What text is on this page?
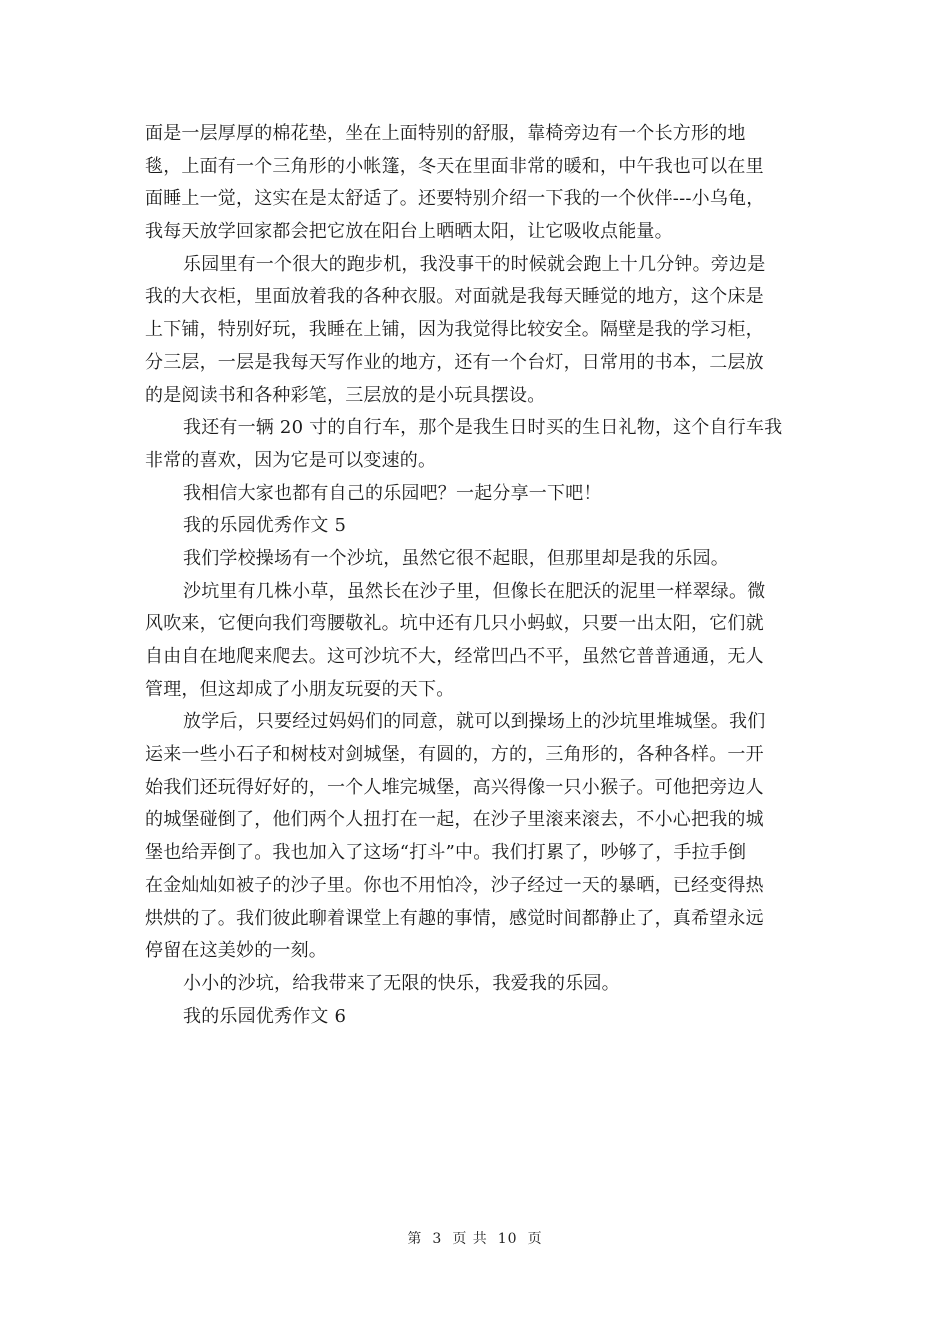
面是一层厚厚的棉花垫，坐在上面特别的舒服，靠椅旁边有一个长方形的地
毯，上面有一个三角形的小帐篷，冬天在里面非常的暖和，中午我也可以在里
面睡上一觉，这实在是太舒适了。还要特别介绍一下我的一个伙伴---小乌龟，
我每天放学回家都会把它放在阳台上晒晒太阳，让它吸收点能量。
乐园里有一个很大的跑步机，我没事干的时候就会跑上十几分钟。旁边是
我的大衣柜，里面放着我的各种衣服。对面就是我每天睡觉的地方，这个床是
上下铺，特别好玩，我睡在上铺，因为我觉得比较安全。隔壁是我的学习柜，
分三层，一层是我每天写作业的地方，还有一个台灯，日常用的书本，二层放
的是阅读书和各种彩笔，三层放的是小玩具摆设。
我还有一辆 20 寸的自行车，那个是我生日时买的生日礼物，这个自行车我
非常的喜欢，因为它是可以变速的。
我相信大家也都有自己的乐园吧？一起分享一下吧！
我的乐园优秀作文 5
我们学校操场有一个沙坑，虽然它很不起眼，但那里却是我的乐园。
沙坑里有几株小草，虽然长在沙子里，但像长在肥沃的泥里一样翠绿。微
风吹来，它便向我们弯腰敬礼。坑中还有几只小蚂蚁，只要一出太阳，它们就
自由自在地爬来爬去。这可沙坑不大，经常凹凸不平，虽然它普普通通，无人
管理，但这却成了小朋友玩耍的天下。
放学后，只要经过妈妈们的同意，就可以到操场上的沙坑里堆城堡。我们
运来一些小石子和树枝对剑城堡，有圆的，方的，三角形的，各种各样。一开
始我们还玩得好好的，一个人堆完城堡，高兴得像一只小猴子。可他把旁边人
的城堡碰倒了，他们两个人扭打在一起，在沙子里滚来滚去，不小心把我的城
堡也给弄倒了。我也加入了这场“打斗”中。我们打累了，吵够了，手拉手倒
在金灿灿如被子的沙子里。你也不用怕冷，沙子经过一天的暴晒，已经变得热
烘烘的了。我们彼此聊着课堂上有趣的事情，感觉时间都静止了，真希望永远
停留在这美妙的一刻。
小小的沙坑，给我带来了无限的快乐，我爱我的乐园。
我的乐园优秀作文 6
第 3 页 共 10 页
